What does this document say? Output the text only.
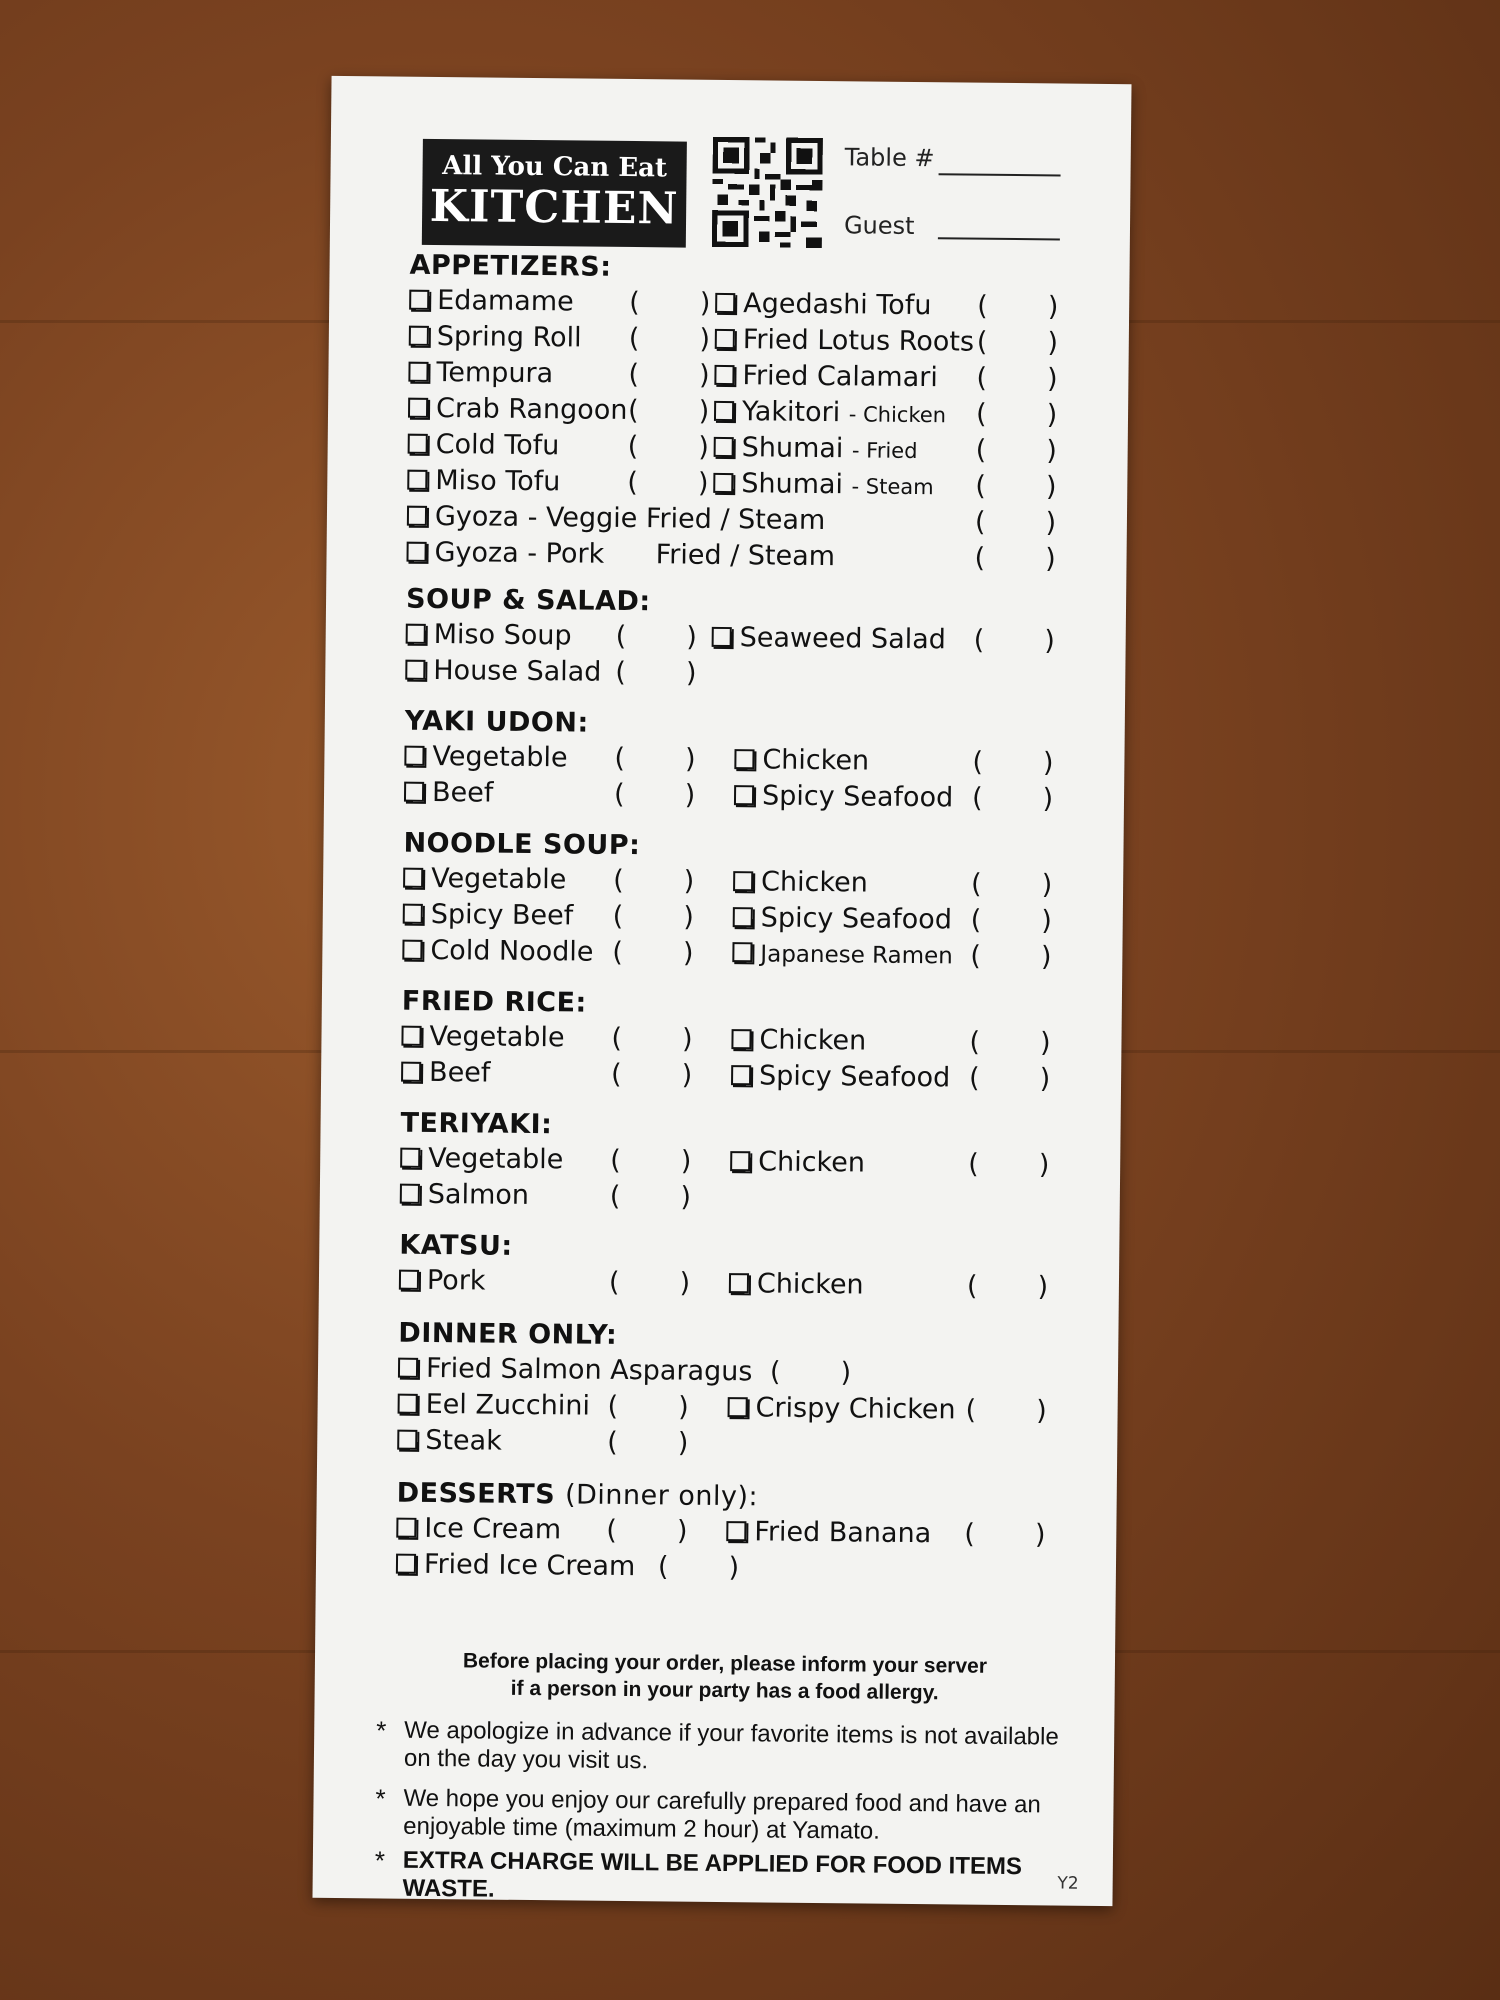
All You Can Eat
KITCHEN
Table #
Guest
APPETIZERS:
Edamame (       )	Agedashi Tofu (       )
Spring Roll (       )	Fried Lotus Roots (       )
Tempura	(       )	Fried Calamari (       )
Crab Rangoon (       )	Yakitori - Chicken (       )
Cold Tofu	(       )	Shumai - Fried (       )
Miso Tofu (       )	Shumai - Steam (       )
Gyoza - Veggie Fried / Steam	(       )
Gyoza - Pork      Fried / Steam	(       )
SOUP & SALAD:
Miso Soup (       )	Seaweed Salad (       )
House Salad (       )
YAKI UDON:
Vegetable (       )	Chicken	(       )
Beef	(       )	Spicy Seafood (       )
NOODLE SOUP:
Vegetable (       )	Chicken	(       )
Spicy Beef (       )	Spicy Seafood (       )
Cold Noodle (       )	Japanese Ramen (       )
FRIED RICE:
Vegetable (       )	Chicken	(       )
Beef	(       )	Spicy Seafood (       )
TERIYAKI:
Vegetable (       )	Chicken	(       )
Salmon	(       )
KATSU:
Pork	(       )	Chicken	(       )
DINNER ONLY:
Fried Salmon Asparagus (       )
Eel Zucchini (       )	Crispy Chicken (       )
Steak	(       )
DESSERTS (Dinner only):
Ice Cream (       )	Fried Banana (       )
Fried Ice Cream (       )
Before placing your order, please inform your server
if a person in your party has a food allergy.
* We apologize in advance if your favorite items is not available on the day you visit us.
* We hope you enjoy our carefully prepared food and have an enjoyable time (maximum 2 hour) at Yamato.
* EXTRA CHARGE WILL BE APPLIED FOR FOOD ITEMS WASTE.	Y2
